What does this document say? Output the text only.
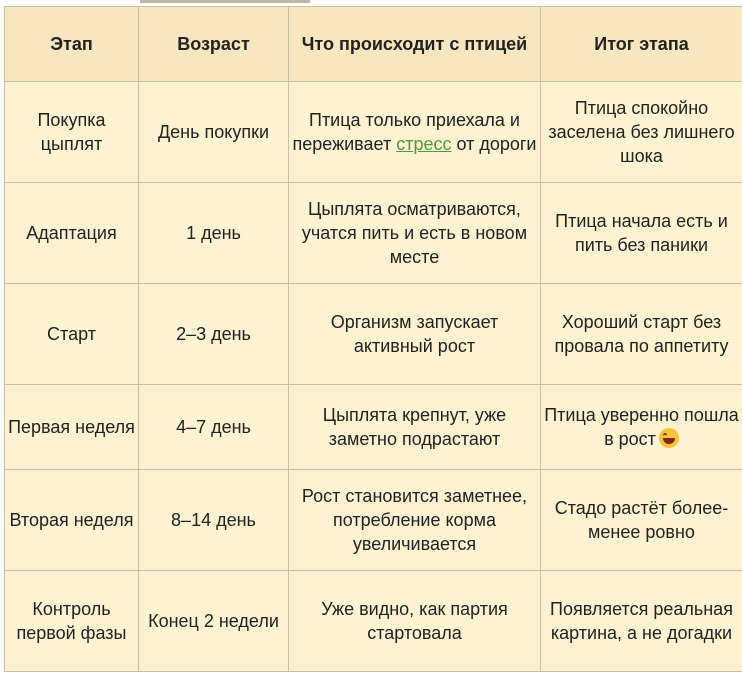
Этап	Возраст	Что происходит с птицей	Итог этапа
Покупка цыплят	День покупки	Птица только приехала и переживает стресс от дороги	Птица спокойно заселена без лишнего шока
Адаптация	1 день	Цыплята осматриваются, учатся пить и есть в новом месте	Птица начала есть и пить без паники
Старт	2–3 день	Организм запускает активный рост	Хороший старт без провала по аппетиту
Первая неделя	4–7 день	Цыплята крепнут, уже заметно подрастают	Птица уверенно пошла в рост
Вторая неделя	8–14 день	Рост становится заметнее, потребление корма увеличивается	Стадо растёт более-менее ровно
Контроль первой фазы	Конец 2 недели	Уже видно, как партия стартовала	Появляется реальная картина, а не догадки
